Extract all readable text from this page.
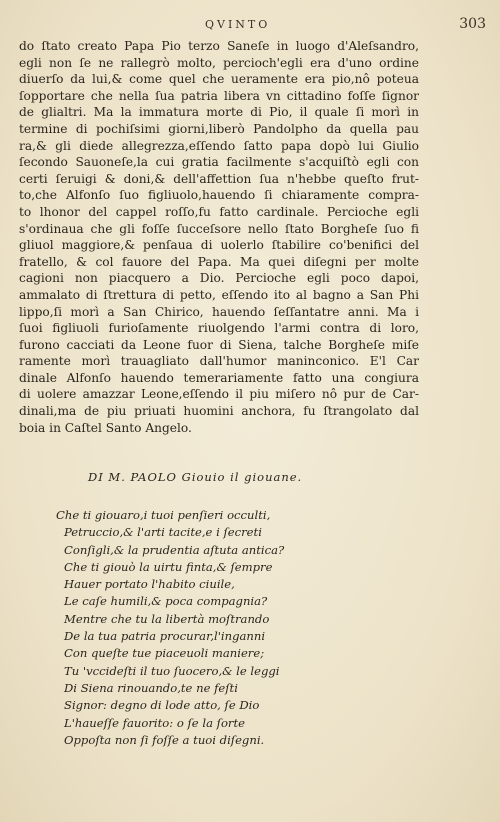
QVINTO	303
do ſtato creato Papa Pio terzo Saneſe in luogo d'Aleſsandro,
egli non ſe ne rallegrò molto, percioch'egli era d'uno ordine
diuerſo da lui,& come quel che ueramente era pio,nô poteua
ſopportare che nella ſua patria libera vn cittadino foſſe ſignor
de glialtri. Ma la immatura morte di Pio, il quale ſi morì in
termine di pochiſsimi giorni,liberò Pandolpho da quella pau
ra,& gli diede allegrezza,eſſendo ſatto papa dopò lui Giulio
ſecondo Sauoneſe,la cui gratia facilmente s'acquiſtò egli con
certi ſeruigi & doni,& dell'affettion ſua n'hebbe queſto frut-
to,che Alfonſo ſuo figliuolo,hauendo ſi chiaramente compra-
to lhonor del cappel roſſo,fu fatto cardinale. Percioche egli
s'ordinaua che gli foſſe ſucceſsore nello ſtato Borgheſe ſuo fi
gliuol maggiore,& penſaua di uolerlo ſtabilire co'benifici del
fratello, & col fauore del Papa. Ma quei diſegni per molte
cagioni non piacquero a Dio. Percioche egli poco dapoi,
ammalato di ſtrettura di petto, eſſendo ito al bagno a San Phi
lippo,ſi morì a San Chirico, hauendo ſeſſantatre anni. Ma i
ſuoi figliuoli furioſamente riuolgendo l'armi contra di loro,
furono cacciati da Leone fuor di Siena, talche Borgheſe miſe
ramente morì trauagliato dall'humor maninconico. E'l Car
dinale Alfonſo hauendo temerariamente fatto una congiura
di uolere amazzar Leone,eſſendo il piu miſero nô pur de Car-
dinali,ma de piu priuati huomini anchora, fu ſtrangolato dal
boia in Caſtel Santo Angelo.
DI M. PAOLO Giouio il giouane.
Che ti giouaro,i tuoi penſieri occulti,
Petruccio,& l'arti tacite,e i ſecreti
Conſigli,& la prudentia aſtuta antica?
Che ti giouò la uirtu finta,& ſempre
Hauer portato l'habito ciuile,
Le caſe humili,& poca compagnia?
Mentre che tu la libertà moſtrando
De la tua patria procurar,l'inganni
Con queſte tue piaceuoli maniere;
Tu 'vccideſti il tuo ſuocero,& le leggi
Di Siena rinouando,te ne feſti
Signor: degno di lode atto, ſe Dio
L'haueſſe fauorito: o ſe la ſorte
Oppoſta non ſi foſſe a tuoi diſegni.
